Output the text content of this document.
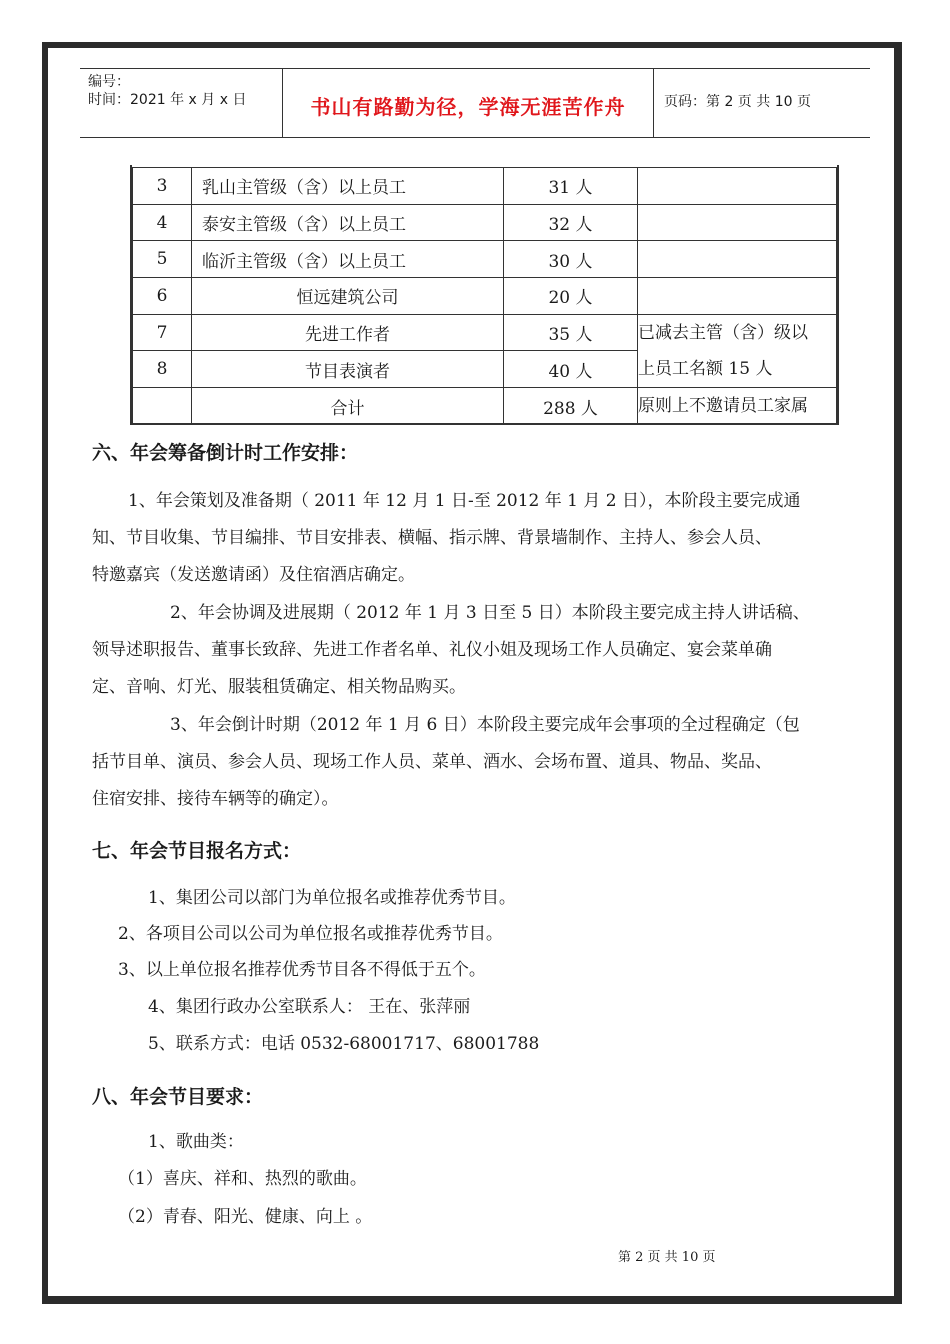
编号：
时间：2021 年 x 月 x 日	书山有路勤为径，学海无涯苦作舟	页码：第 2 页 共 10 页
3	乳山主管级（含）以上员工	31 人	
4	泰安主管级（含）以上员工	32 人	
5	临沂主管级（含）以上员工	30 人	
6	恒远建筑公司	20 人	
7	先进工作者	35 人	已减去主管（含）级以
上员工名额 15 人

8	节目表演者	40 人	
	合计	288 人	原则上不邀请员工家属
六、年会筹备倒计时工作安排：
1、年会策划及准备期（ 2011 年 12 月 1 日-至 2012 年 1 月 2 日），本阶段主要完成通
知、节目收集、节目编排、节目安排表、横幅、指示牌、背景墙制作、主持人、参会人员、
特邀嘉宾（发送邀请函）及住宿酒店确定。
2、年会协调及进展期（ 2012 年 1 月 3 日至 5 日）本阶段主要完成主持人讲话稿、
领导述职报告、董事长致辞、先进工作者名单、礼仪小姐及现场工作人员确定、宴会菜单确
定、音响、灯光、服装租赁确定、相关物品购买。
3、年会倒计时期（2012 年 1 月 6 日）本阶段主要完成年会事项的全过程确定（包
括节目单、演员、参会人员、现场工作人员、菜单、酒水、会场布置、道具、物品、奖品、
住宿安排、接待车辆等的确定）。
七、年会节目报名方式：
1、集团公司以部门为单位报名或推荐优秀节目。
2、各项目公司以公司为单位报名或推荐优秀节目。
3、以上单位报名推荐优秀节目各不得低于五个。
4、集团行政办公室联系人： 王在、张萍丽
5、联系方式：电话 0532-68001717、68001788
八、年会节目要求：
1、歌曲类：
（1）喜庆、祥和、热烈的歌曲。
（2）青春、阳光、健康、向上 。
第 2 页 共 10 页
